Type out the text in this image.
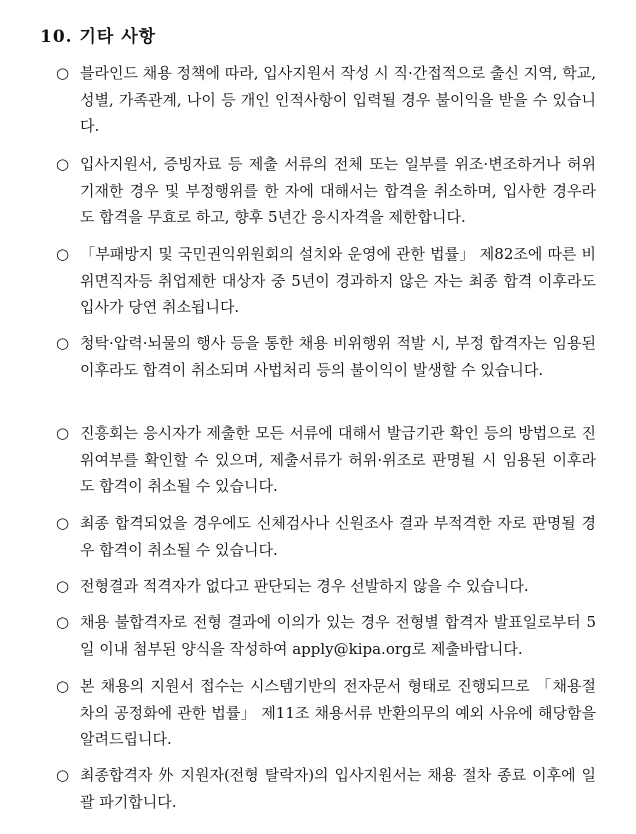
10. 기타 사항
○ 블라인드 채용 정책에 따라, 입사지원서 작성 시 직·간접적으로 출신 지역, 학교, 성별, 가족관계, 나이 등 개인 인적사항이 입력될 경우 불이익을 받을 수 있습니다.
○ 입사지원서, 증빙자료 등 제출 서류의 전체 또는 일부를 위조·변조하거나 허위 기재한 경우 및 부정행위를 한 자에 대해서는 합격을 취소하며, 입사한 경우라도 합격을 무효로 하고, 향후 5년간 응시자격을 제한합니다.
○ 「부패방지 및 국민권익위원회의 설치와 운영에 관한 법률」 제82조에 따른 비위면직자등 취업제한 대상자 중 5년이 경과하지 않은 자는 최종 합격 이후라도 입사가 당연 취소됩니다.
○ 청탁·압력·뇌물의 행사 등을 통한 채용 비위행위 적발 시, 부정 합격자는 임용된 이후라도 합격이 취소되며 사법처리 등의 불이익이 발생할 수 있습니다.
○ 진흥회는 응시자가 제출한 모든 서류에 대해서 발급기관 확인 등의 방법으로 진위여부를 확인할 수 있으며, 제출서류가 허위·위조로 판명될 시 임용된 이후라도 합격이 취소될 수 있습니다.
○ 최종 합격되었을 경우에도 신체검사나 신원조사 결과 부적격한 자로 판명될 경우 합격이 취소될 수 있습니다.
○ 전형결과 적격자가 없다고 판단되는 경우 선발하지 않을 수 있습니다.
○ 채용 불합격자로 전형 결과에 이의가 있는 경우 전형별 합격자 발표일로부터 5일 이내 첨부된 양식을 작성하여 apply@kipa.org로 제출바랍니다.
○ 본 채용의 지원서 접수는 시스템기반의 전자문서 형태로 진행되므로 「채용절차의 공정화에 관한 법률」 제11조 채용서류 반환의무의 예외 사유에 해당함을 알려드립니다.
○ 최종합격자 外 지원자(전형 탈락자)의 입사지원서는 채용 절차 종료 이후에 일괄 파기합니다.
